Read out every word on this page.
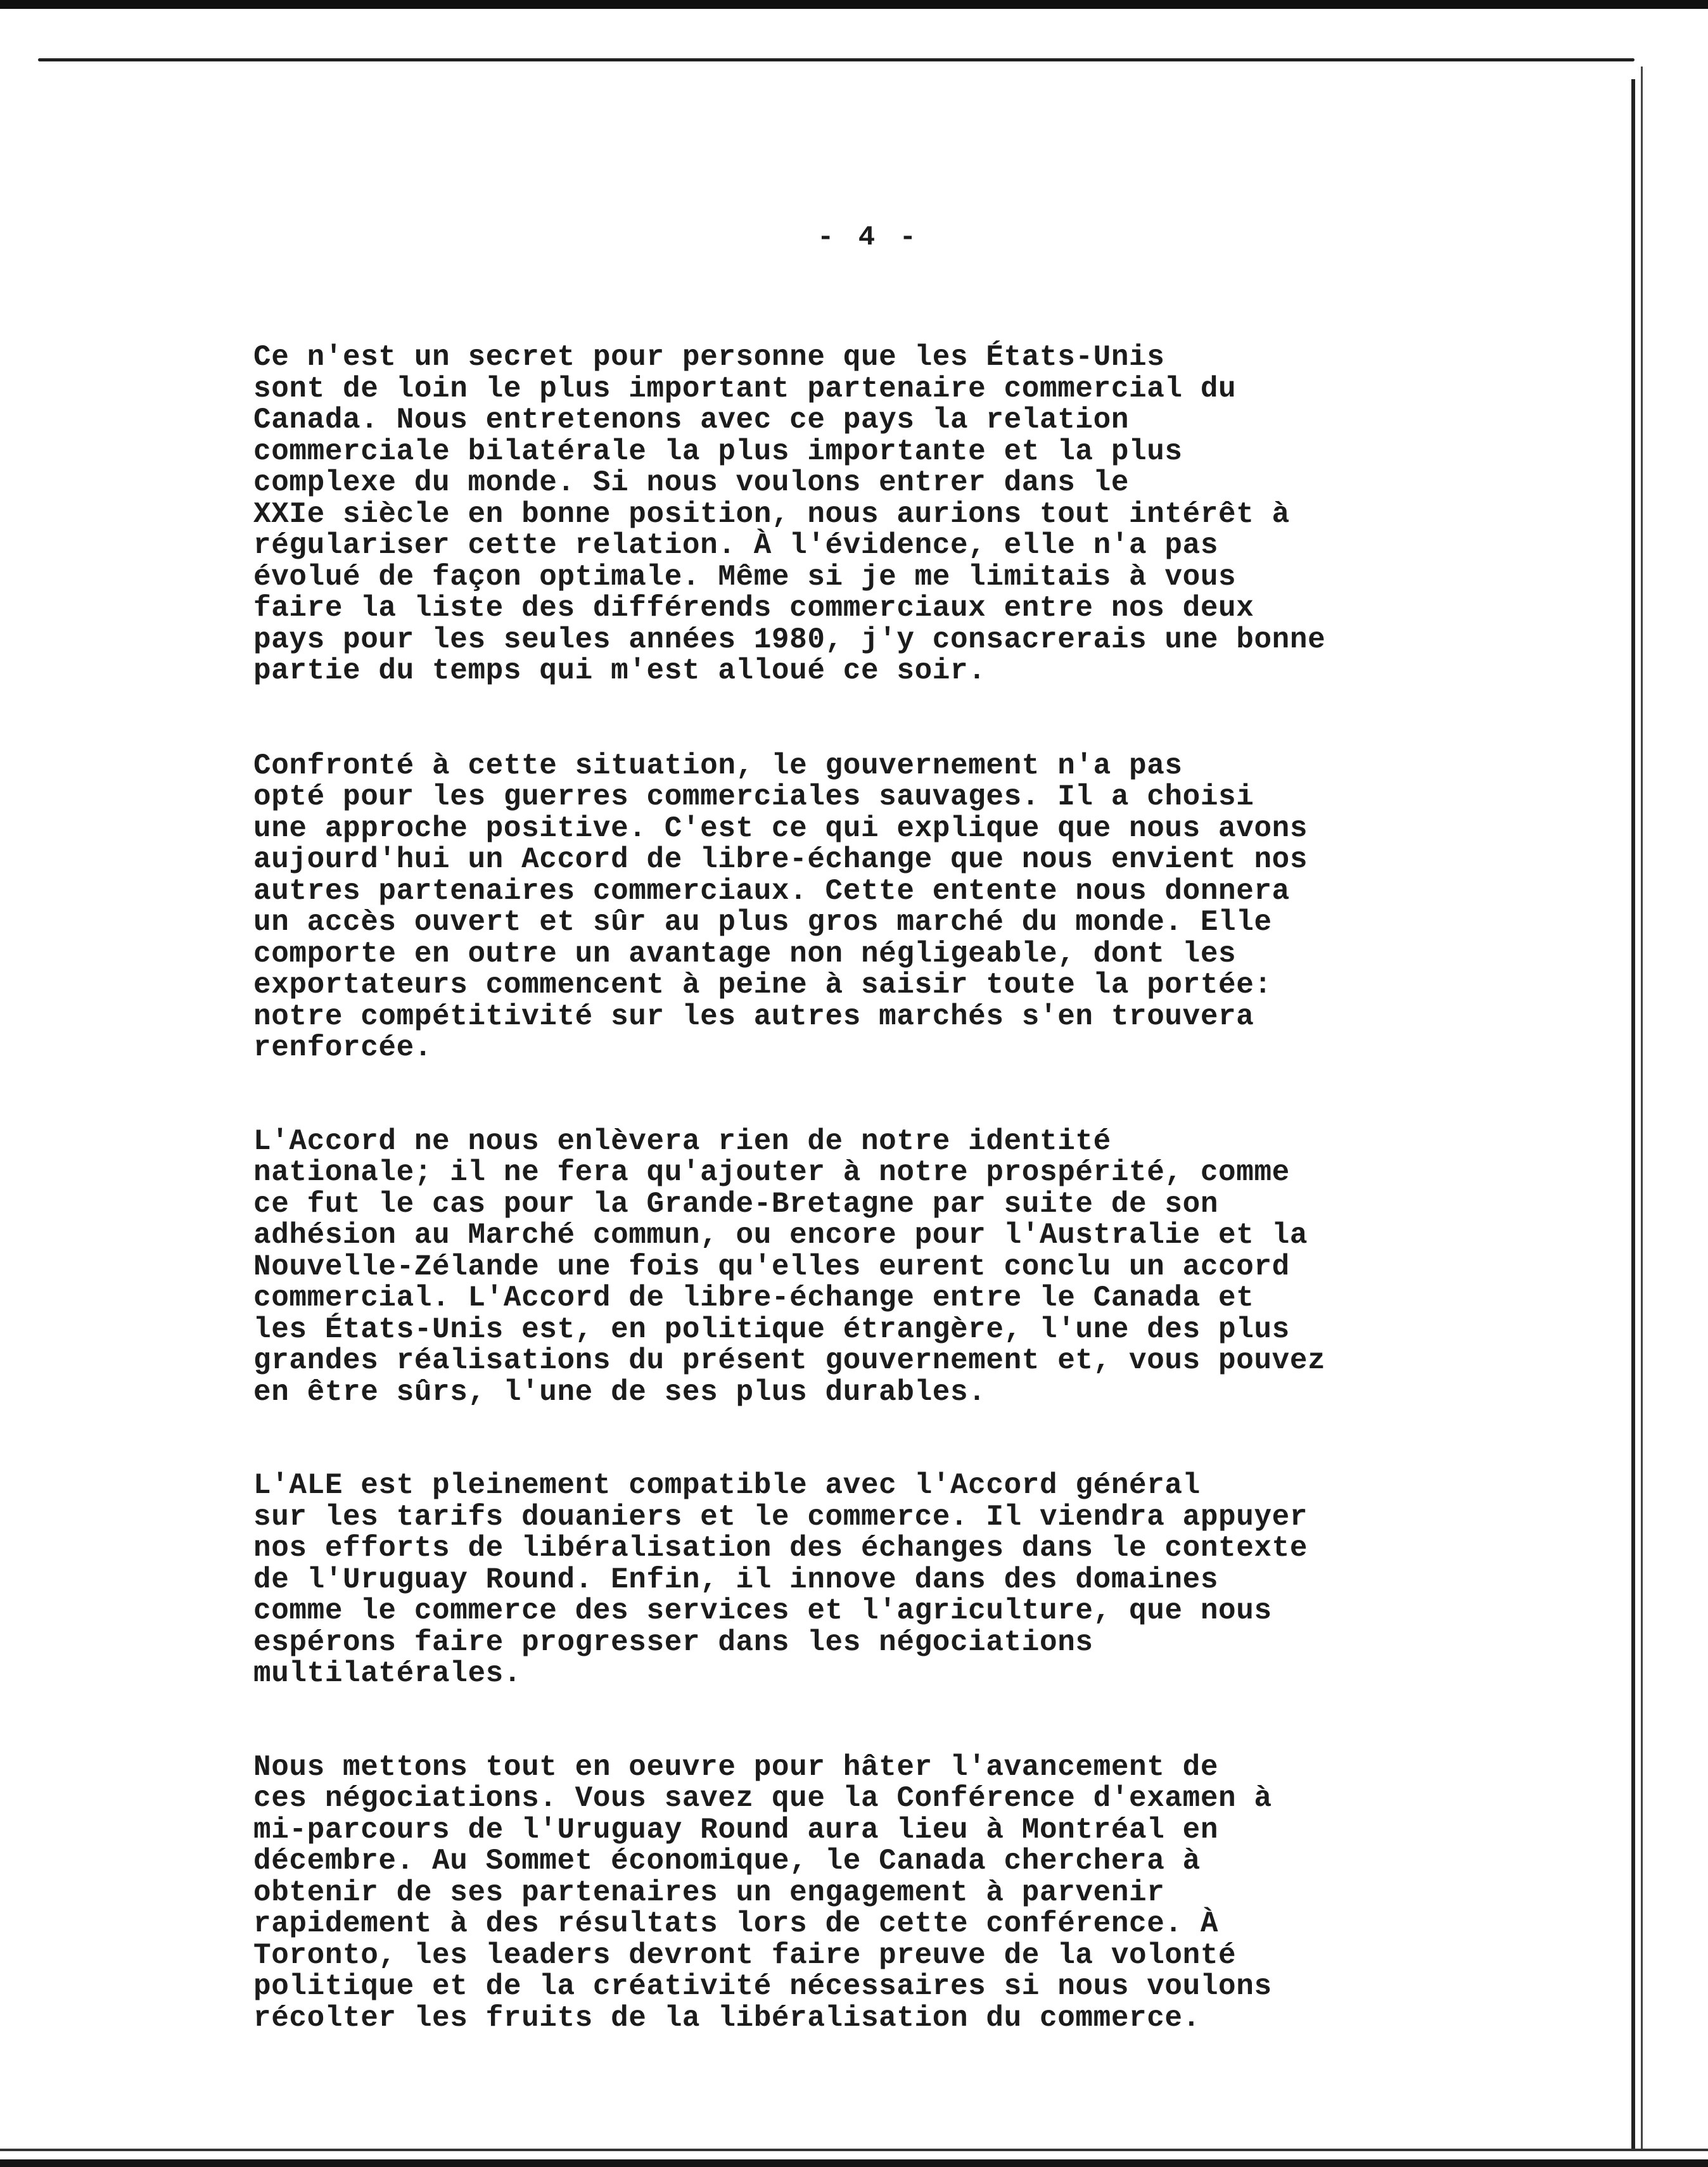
- 4 -

Ce n'est un secret pour personne que les États-Unis
sont de loin le plus important partenaire commercial du
Canada. Nous entretenons avec ce pays la relation
commerciale bilatérale la plus importante et la plus
complexe du monde. Si nous voulons entrer dans le
XXIe siècle en bonne position, nous aurions tout intérêt à
régulariser cette relation. À l'évidence, elle n'a pas
évolué de façon optimale. Même si je me limitais à vous
faire la liste des différends commerciaux entre nos deux
pays pour les seules années 1980, j'y consacrerais une bonne
partie du temps qui m'est alloué ce soir.

Confronté à cette situation, le gouvernement n'a pas
opté pour les guerres commerciales sauvages. Il a choisi
une approche positive. C'est ce qui explique que nous avons
aujourd'hui un Accord de libre-échange que nous envient nos
autres partenaires commerciaux. Cette entente nous donnera
un accès ouvert et sûr au plus gros marché du monde. Elle
comporte en outre un avantage non négligeable, dont les
exportateurs commencent à peine à saisir toute la portée:
notre compétitivité sur les autres marchés s'en trouvera
renforcée.

L'Accord ne nous enlèvera rien de notre identité
nationale; il ne fera qu'ajouter à notre prospérité, comme
ce fut le cas pour la Grande-Bretagne par suite de son
adhésion au Marché commun, ou encore pour l'Australie et la
Nouvelle-Zélande une fois qu'elles eurent conclu un accord
commercial. L'Accord de libre-échange entre le Canada et
les États-Unis est, en politique étrangère, l'une des plus
grandes réalisations du présent gouvernement et, vous pouvez
en être sûrs, l'une de ses plus durables.

L'ALE est pleinement compatible avec l'Accord général
sur les tarifs douaniers et le commerce. Il viendra appuyer
nos efforts de libéralisation des échanges dans le contexte
de l'Uruguay Round. Enfin, il innove dans des domaines
comme le commerce des services et l'agriculture, que nous
espérons faire progresser dans les négociations
multilatérales.

Nous mettons tout en oeuvre pour hâter l'avancement de
ces négociations. Vous savez que la Conférence d'examen à
mi-parcours de l'Uruguay Round aura lieu à Montréal en
décembre. Au Sommet économique, le Canada cherchera à
obtenir de ses partenaires un engagement à parvenir
rapidement à des résultats lors de cette conférence. À
Toronto, les leaders devront faire preuve de la volonté
politique et de la créativité nécessaires si nous voulons
récolter les fruits de la libéralisation du commerce.
